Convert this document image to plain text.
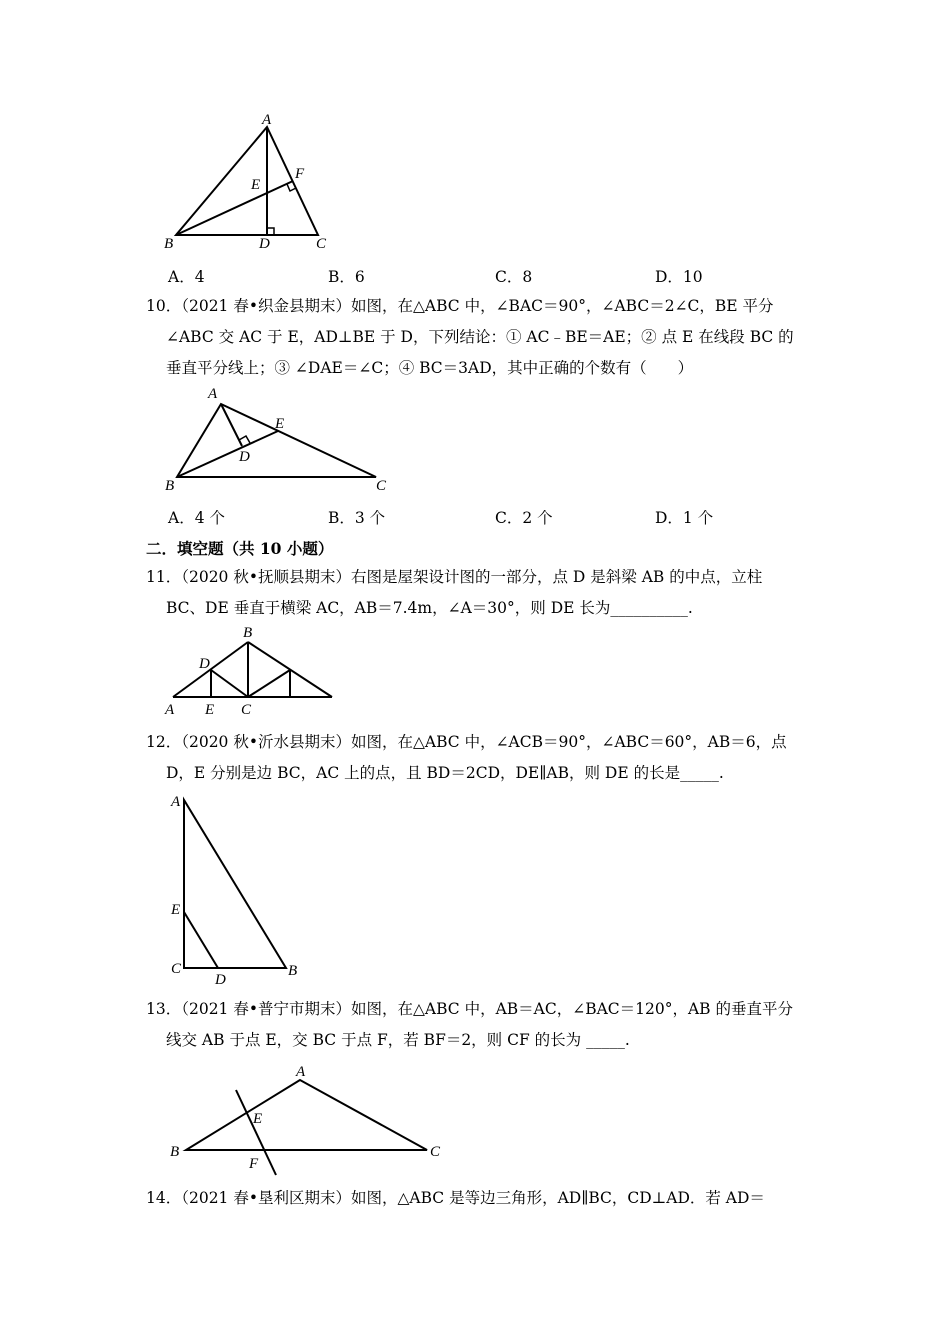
A
B	C
D
E
F
A．4	B．6	C．8	D．10
10．（2021 春•织金县期末）如图，在△ABC 中，∠BAC＝90°，∠ABC＝2∠C，BE 平分
∠ABC 交 AC 于 E，AD⊥BE 于 D，下列结论：① AC﹣BE＝AE；② 点 E 在线段 BC 的
垂直平分线上；③ ∠DAE＝∠C；④ BC＝3AD，其中正确的个数有（　　）
A
B	C
D
E
A．4 个	B．3 个	C．2 个	D．1 个
二．填空题（共 10 小题）
11．（2020 秋•抚顺县期末）右图是屋架设计图的一部分，点 D 是斜梁 AB 的中点，立柱
BC、DE 垂直于横梁 AC，AB＝7.4m，∠A＝30°，则 DE 长为__________.
A
B
C
D
E
12．（2020 秋•沂水县期末）如图，在△ABC 中，∠ACB＝90°，∠ABC＝60°，AB＝6，点
D，E 分别是边 BC，AC 上的点，且 BD＝2CD，DE∥AB，则 DE 的长是_____.
A
B
C
D
E
13．（2021 春•普宁市期末）如图，在△ABC 中，AB＝AC，∠BAC＝120°，AB 的垂直平分
线交 AB 于点 E，交 BC 于点 F，若 BF＝2，则 CF 的长为 _____.
A
B	C
E
F
14．（2021 春•垦利区期末）如图，△ABC 是等边三角形，AD∥BC，CD⊥AD．若 AD＝
